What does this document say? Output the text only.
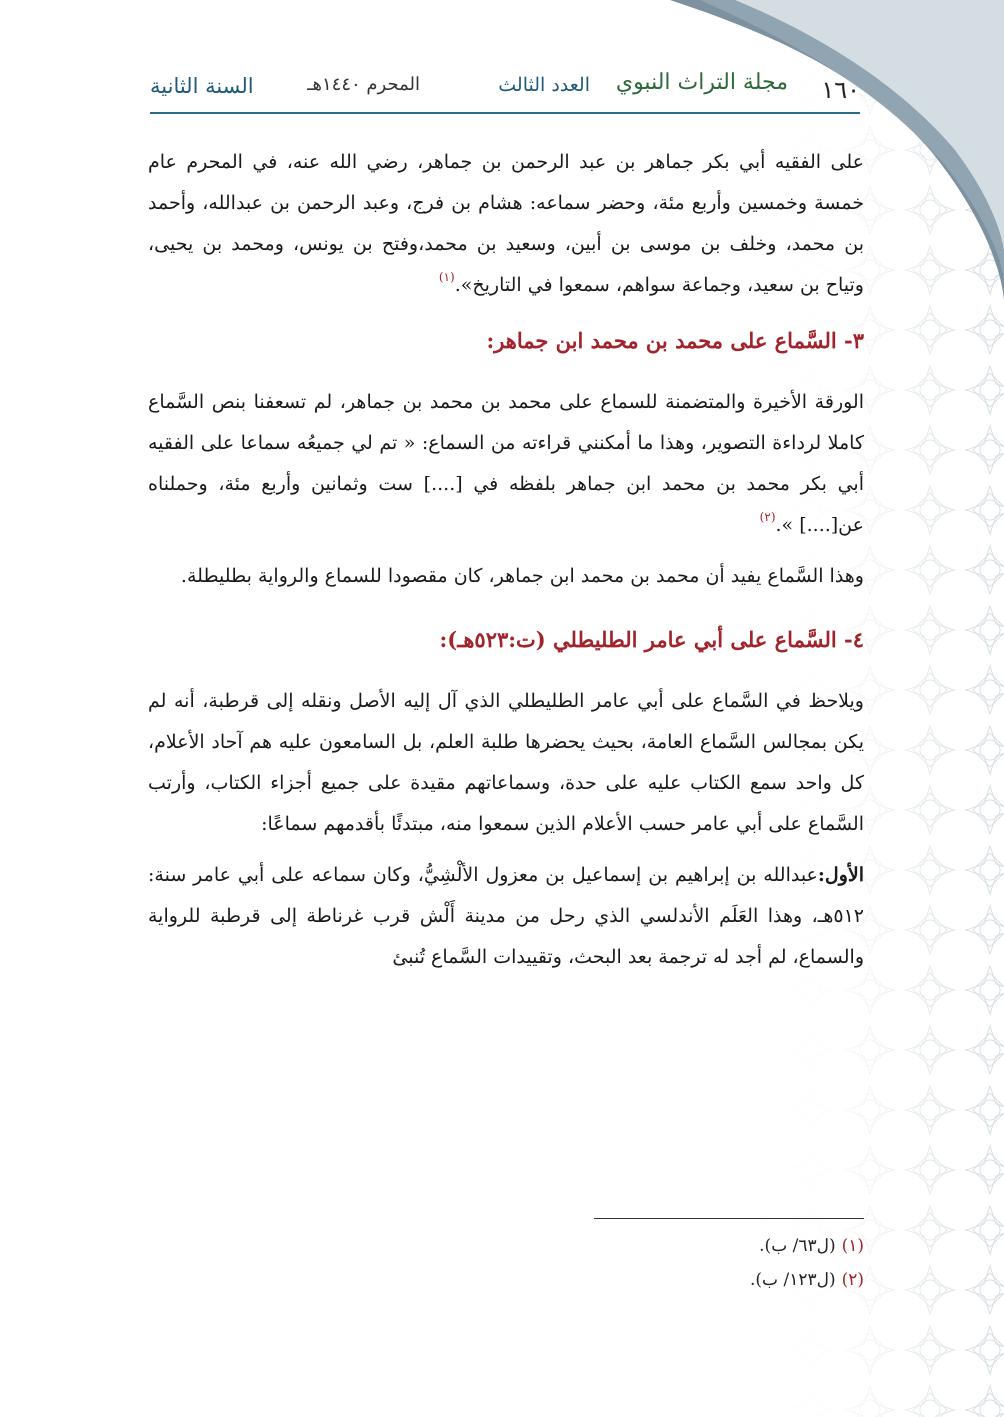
١٦٠
مجلة التراث النبوي
العدد الثالث
المحرم ١٤٤٠هـ
السنة الثانية

على الفقيه أبي بكر جماهر بن عبد الرحمن بن جماهر، رضي الله عنه، في المحرم عام خمسة وخمسين وأربع مئة، وحضر سماعه: هشام بن فرج، وعبد الرحمن بن عبدالله، وأحمد بن محمد، وخلف بن موسى بن أبين، وسعيد بن محمد،وفتح بن يونس، ومحمد بن يحيى، وتياح بن سعيد، وجماعة سواهم، سمعوا في التاريخ».$^{(١)}$

٣- السَّماع على محمد بن محمد ابن جماهر:

الورقة الأخيرة والمتضمنة للسماع على محمد بن محمد بن جماهر، لم تسعفنا بنص السَّماع كاملا لرداءة التصوير، وهذا ما أمكنني قراءته من السماع: « تم لي جميعُه سماعا على الفقيه أبي بكر محمد بن محمد ابن جماهر بلفظه في [....] ست وثمانين وأربع مئة، وحملناه عن[....] ».$^{(٢)}$

وهذا السَّماع يفيد أن محمد بن محمد ابن جماهر، كان مقصودا للسماع والرواية بطليطلة.

٤- السَّماع على أبي عامر الطليطلي (ت:٥٢٣هـ):

ويلاحظ في السَّماع على أبي عامر الطليطلي الذي آل إليه الأصل ونقله إلى قرطبة، أنه لم يكن بمجالس السَّماع العامة، بحيث يحضرها طلبة العلم، بل السامعون عليه هم آحاد الأعلام، كل واحد سمع الكتاب عليه على حدة، وسماعاتهم مقيدة على جميع أجزاء الكتاب، وأرتب السَّماع على أبي عامر حسب الأعلام الذين سمعوا منه، مبتدئًا بأقدمهم سماعًا:

الأول:عبدالله بن إبراهيم بن إسماعيل بن معزول الألْشِيُّ، وكان سماعه على أبي عامر سنة: ٥١٢هـ، وهذا العَلَم الأندلسي الذي رحل من مدينة أَلْش قرب غرناطة إلى قرطبة للرواية والسماع، لم أجد له ترجمة بعد البحث، وتقييدات السَّماع تُنبئ

(١)(ل٦٣/ ب).
(٢)(ل١٢٣/ ب).
